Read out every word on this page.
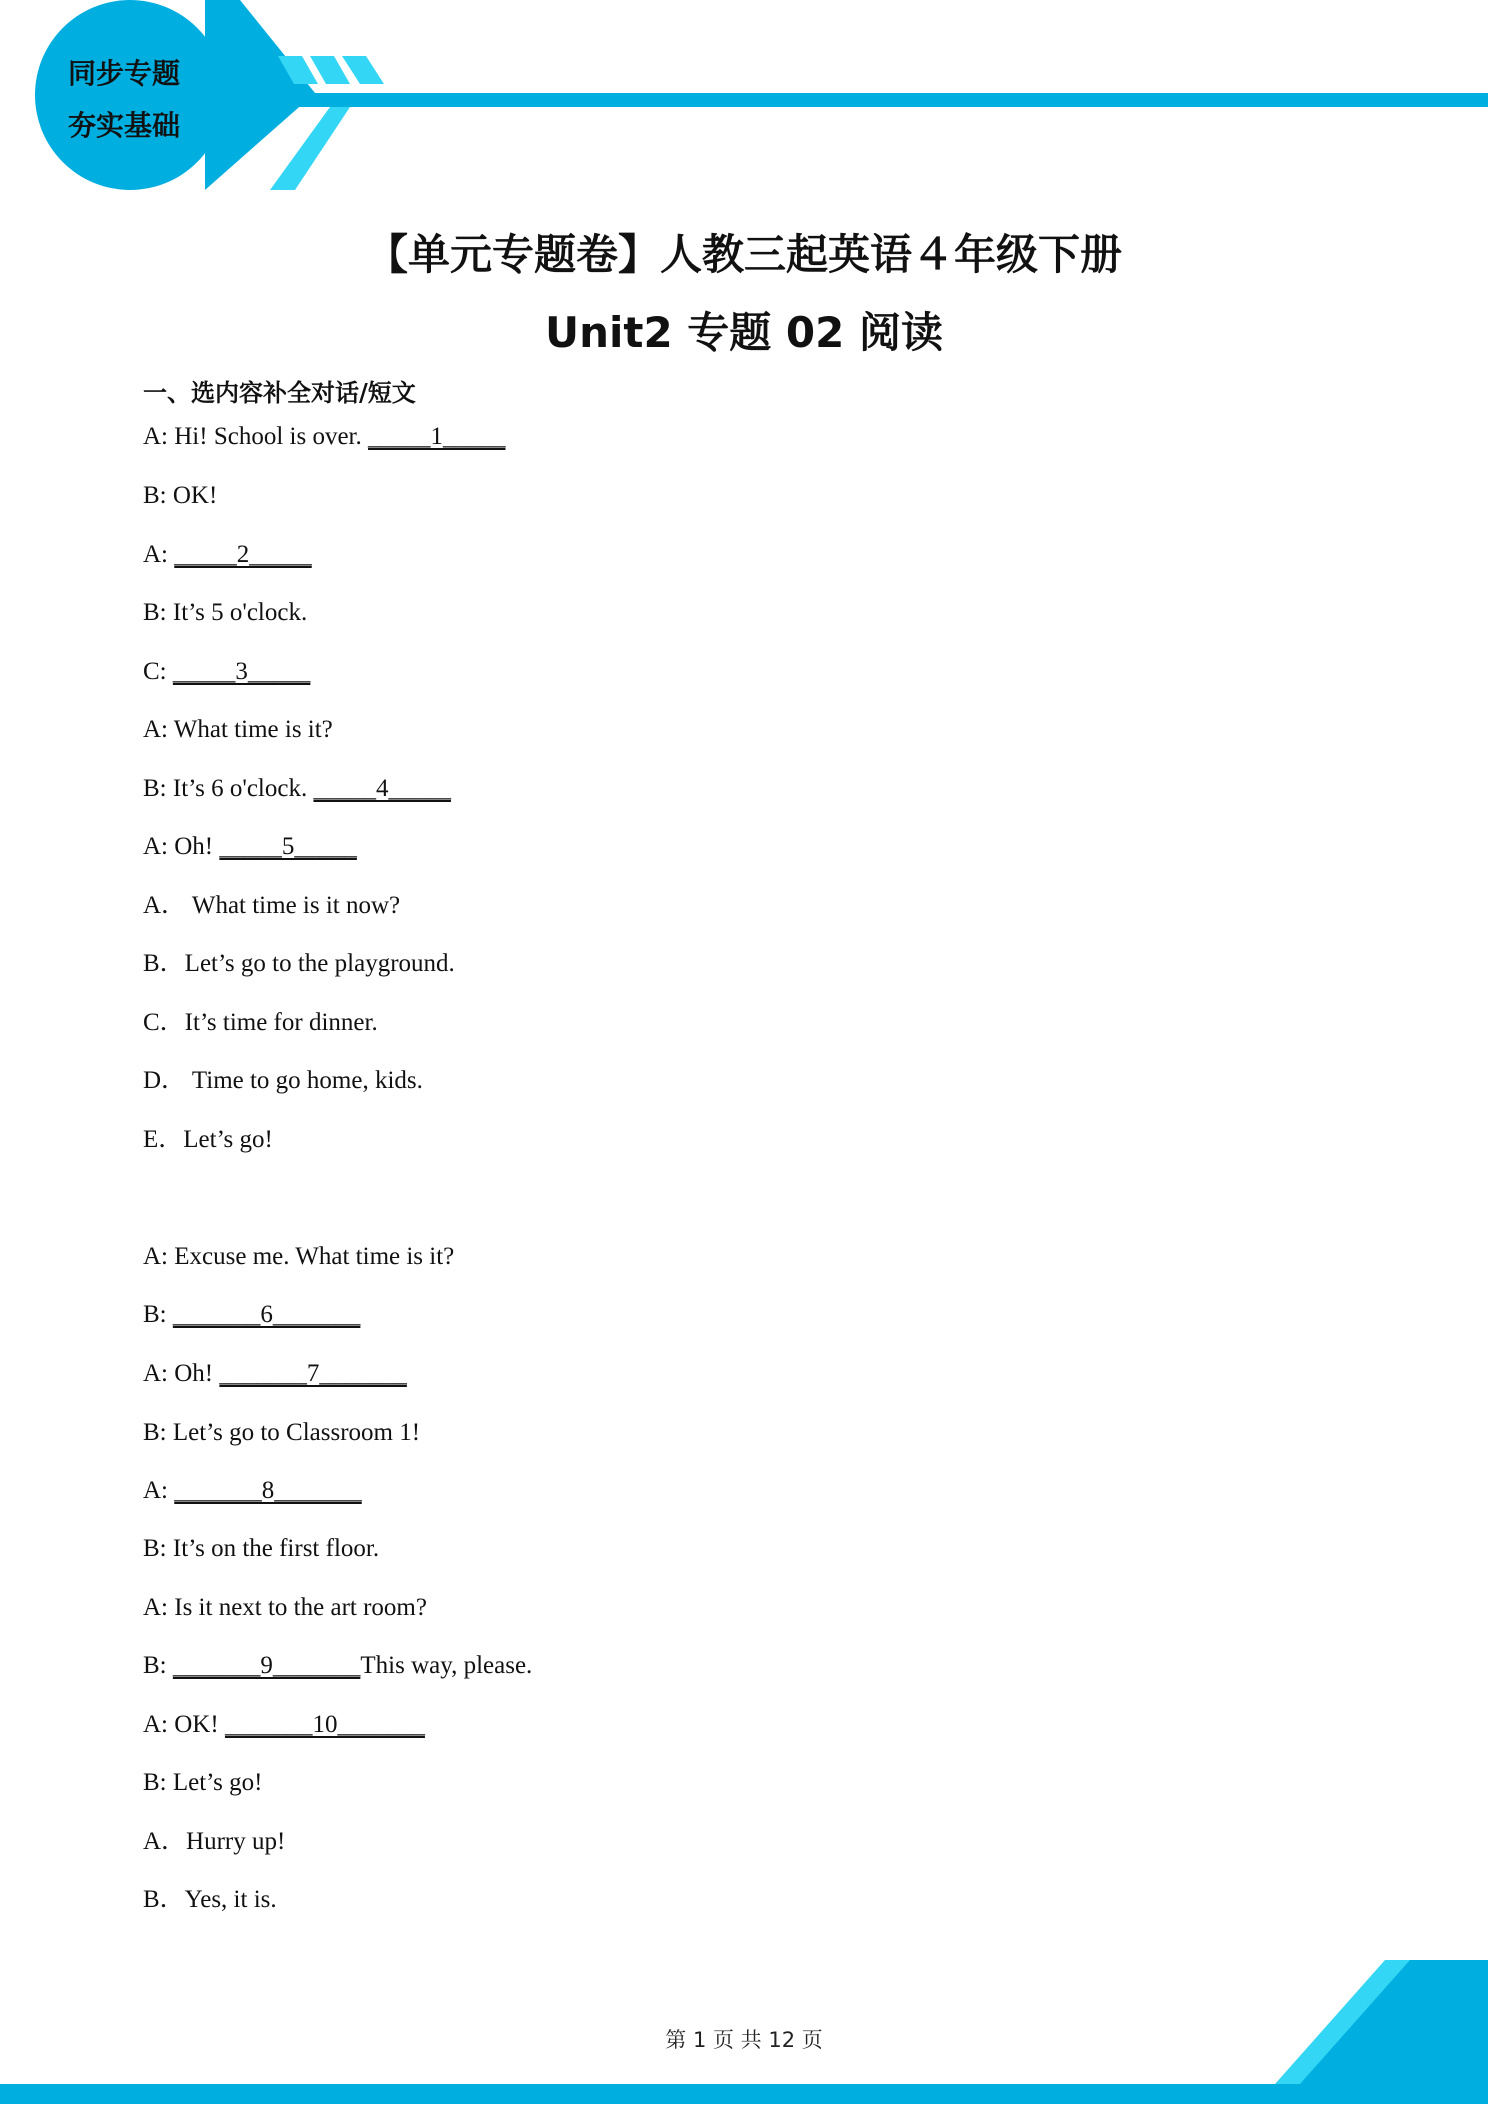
同步专题
夯实基础
【单元专题卷】人教三起英语４年级下册
Unit2 专题 02 阅读
一、选内容补全对话/短文
A: Hi! School is over. _____1_____
B: OK!
A: _____2_____
B: It’s 5 o'clock.
C: _____3_____
A: What time is it?
B: It’s 6 o'clock. _____4_____
A: Oh! _____5_____
A． What time is it now?
B．Let’s go to the playground.
C．It’s time for dinner.
D． Time to go home, kids.
E．Let’s go!
A: Excuse me. What time is it?
B: _______6_______
A: Oh! _______7_______
B: Let’s go to Classroom 1!
A: _______8_______
B: It’s on the first floor.
A: Is it next to the art room?
B: _______9_______This way, please.
A: OK! _______10_______
B: Let’s go!
A．Hurry up!
B．Yes, it is.
第 1 页 共 12 页
